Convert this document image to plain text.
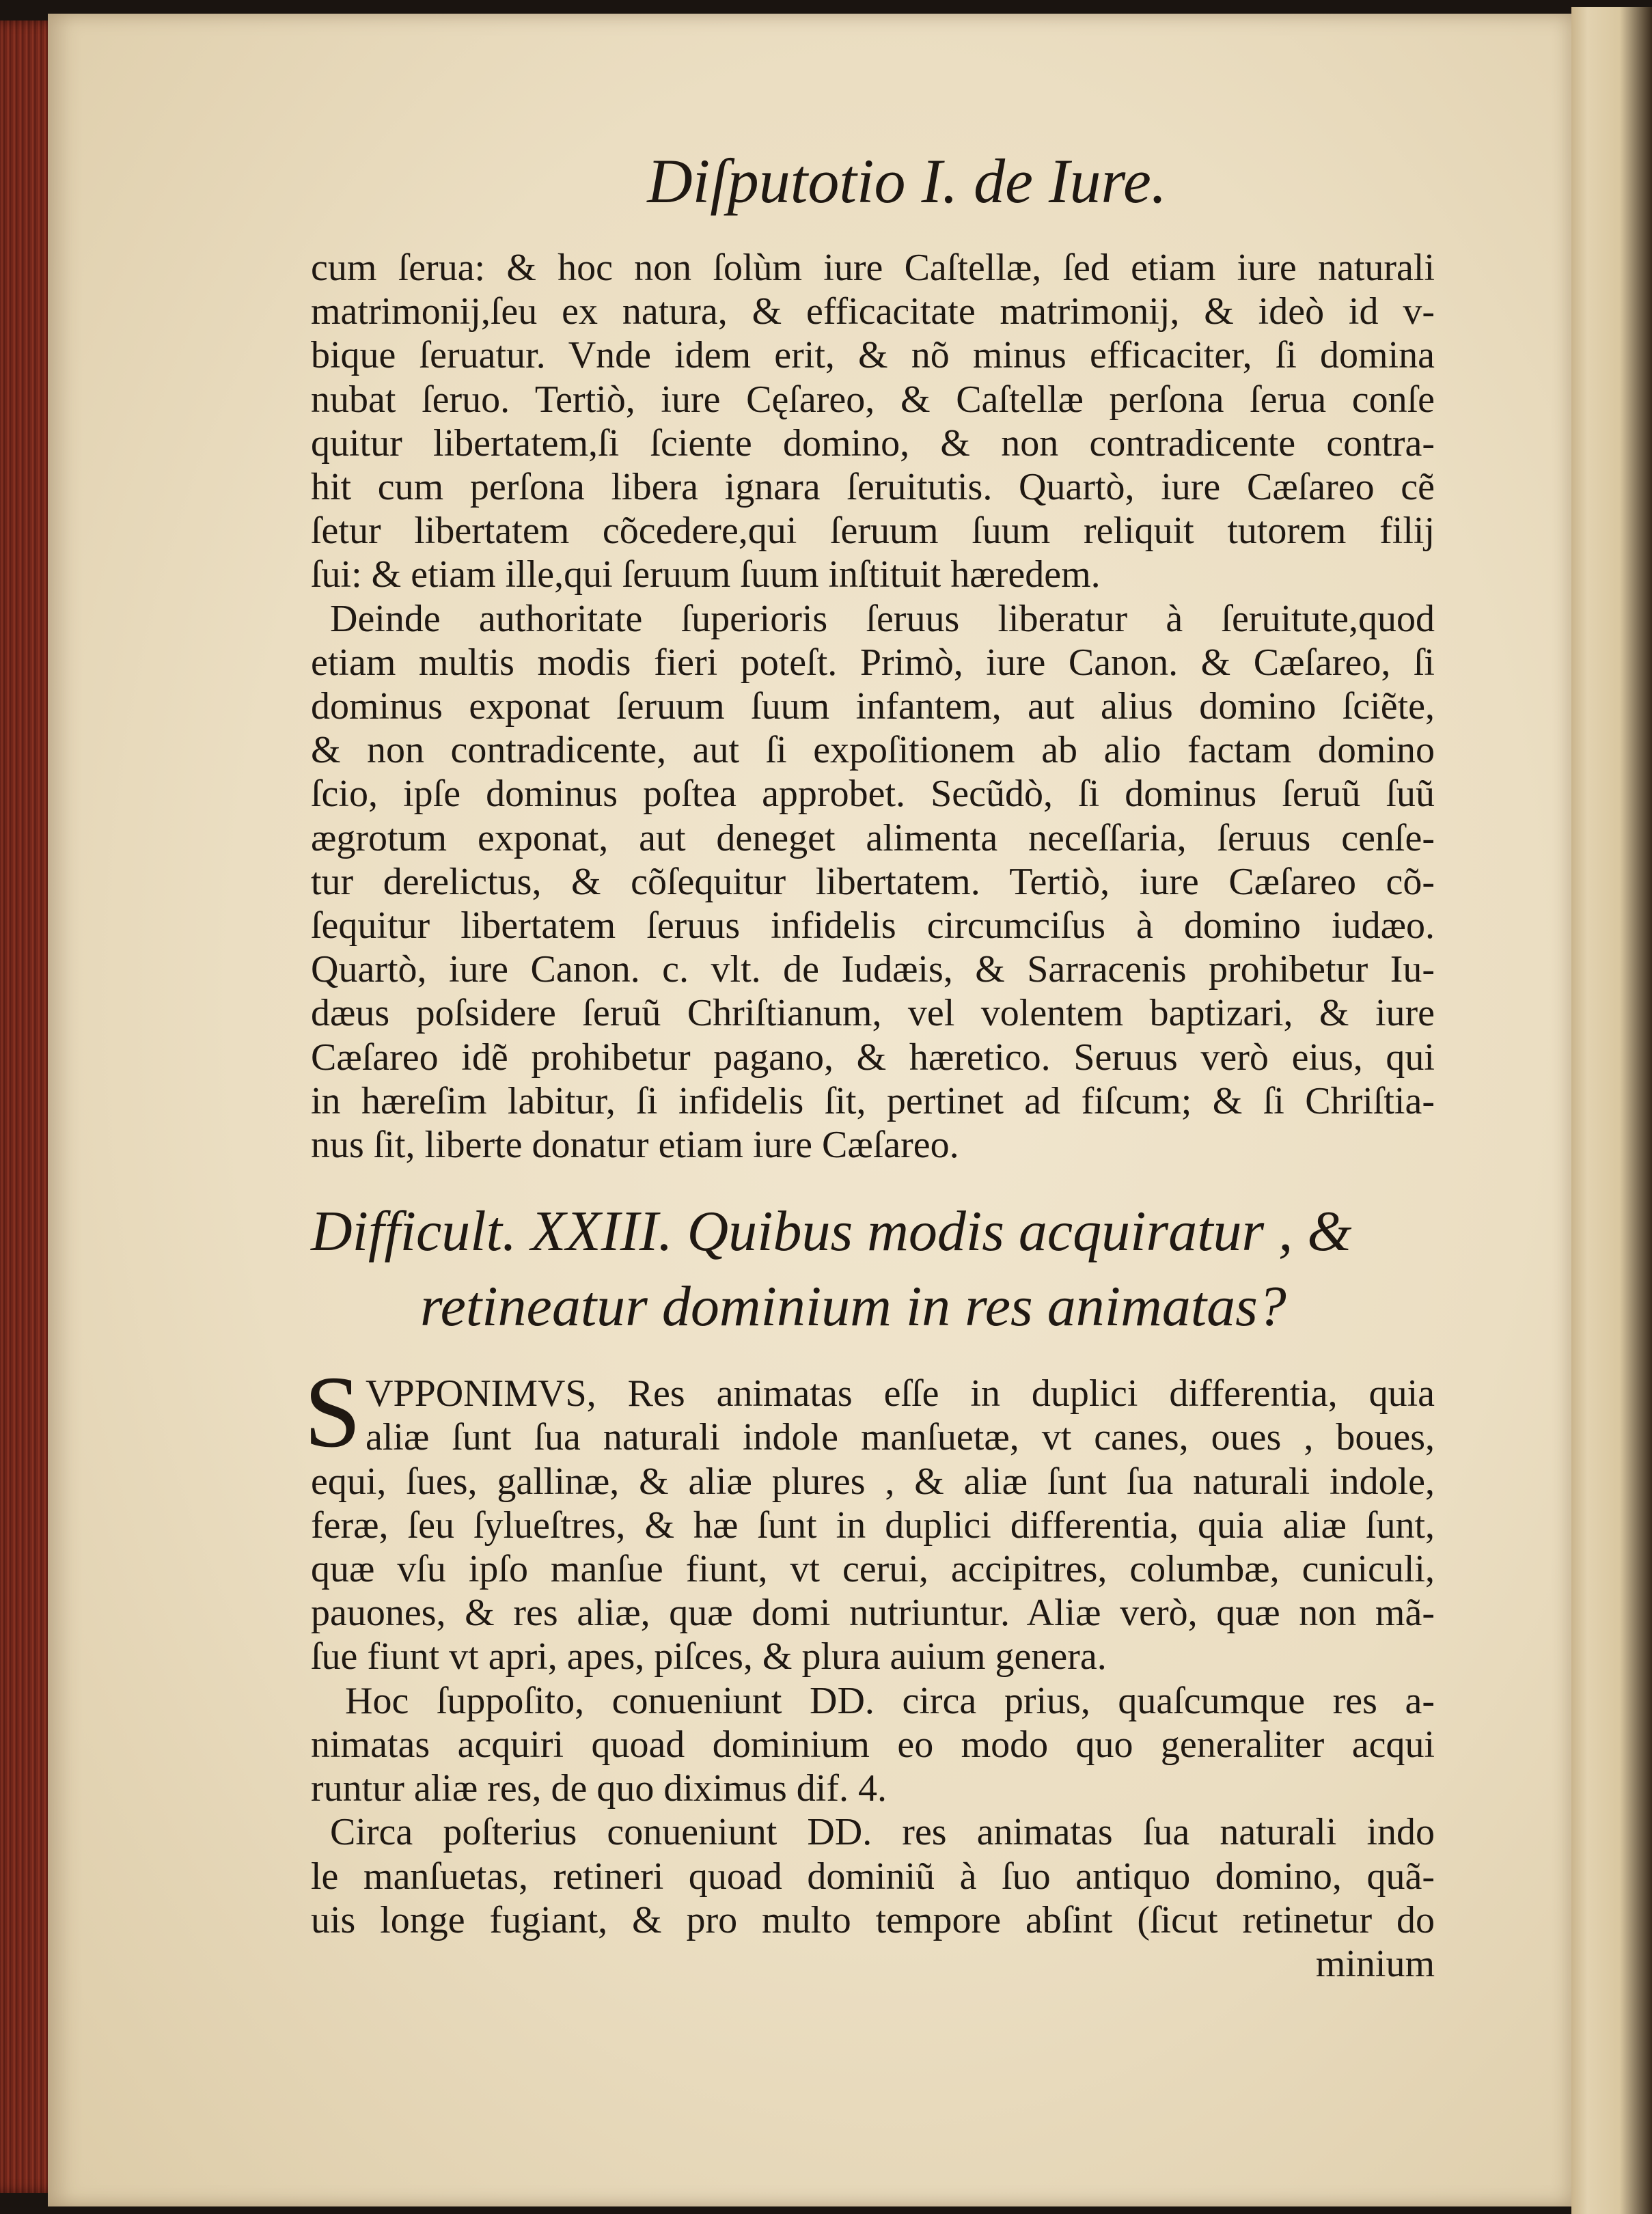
Diſputotio I. de Iure.
cum ſerua: & hoc non ſolùm iure Caſtellæ, ſed etiam iure naturali
matrimonij,ſeu ex natura, & efficacitate matrimonij, & ideò id v-
bique ſeruatur. Vnde idem erit, & nõ minus efficaciter, ſi domina
nubat ſeruo. Tertiò, iure Cęſareo, & Caſtellæ perſona ſerua conſe
quitur libertatem,ſi ſciente domino, & non contradicente contra-
hit cum perſona libera ignara ſeruitutis. Quartò, iure Cæſareo cẽ
ſetur libertatem cõcedere,qui ſeruum ſuum reliquit tutorem filij
ſui: & etiam ille,qui ſeruum ſuum inſtituit hæredem.
Deinde authoritate ſuperioris ſeruus liberatur à ſeruitute,quod
etiam multis modis fieri poteſt. Primò, iure Canon. & Cæſareo, ſi
dominus exponat ſeruum ſuum infantem, aut alius domino ſciẽte,
& non contradicente, aut ſi expoſitionem ab alio factam domino
ſcio, ipſe dominus poſtea approbet. Secũdò, ſi dominus ſeruũ ſuũ
ægrotum exponat, aut deneget alimenta neceſſaria, ſeruus cenſe-
tur derelictus, & cõſequitur libertatem. Tertiò, iure Cæſareo cõ-
ſequitur libertatem ſeruus infidelis circumciſus à domino iudæo.
Quartò, iure Canon. c. vlt. de Iudæis, & Sarracenis prohibetur Iu-
dæus poſsidere ſeruũ Chriſtianum, vel volentem baptizari, & iure
Cæſareo idẽ prohibetur pagano, & hæretico. Seruus verò eius, qui
in hæreſim labitur, ſi infidelis ſit, pertinet ad fiſcum; & ſi Chriſtia-
nus ſit, liberte donatur etiam iure Cæſareo.
Difficult. XXIII. Quibus modis acquiratur , &
retineatur dominium in res animatas?
S VPPONIMVS, Res animatas eſſe in duplici differentia, quia
aliæ ſunt ſua naturali indole manſuetæ, vt canes, oues , boues,
equi, ſues, gallinæ, & aliæ plures , & aliæ ſunt ſua naturali indole,
feræ, ſeu ſylueſtres, & hæ ſunt in duplici differentia, quia aliæ ſunt,
quæ vſu ipſo manſue fiunt, vt cerui, accipitres, columbæ, cuniculi,
pauones, & res aliæ, quæ domi nutriuntur. Aliæ verò, quæ non mã-
ſue fiunt vt apri, apes, piſces, & plura auium genera.
Hoc ſuppoſito, conueniunt DD. circa prius, quaſcumque res a-
nimatas acquiri quoad dominium eo modo quo generaliter acqui
runtur aliæ res, de quo diximus dif. 4.
Circa poſterius conueniunt DD. res animatas ſua naturali indo
le manſuetas, retineri quoad dominiũ à ſuo antiquo domino, quã-
uis longe fugiant, & pro multo tempore abſint (ſicut retinetur do
minium
